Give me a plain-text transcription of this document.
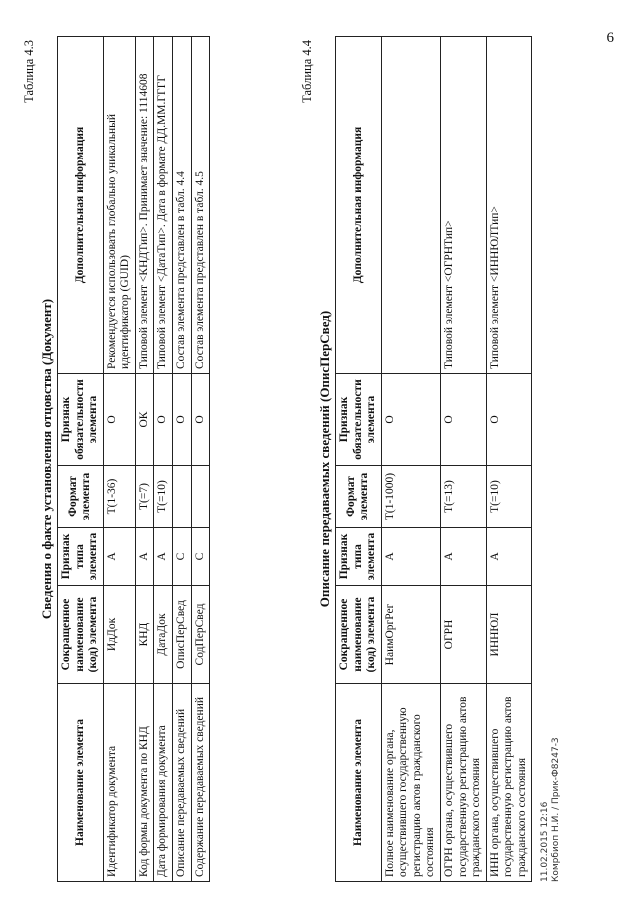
6

Таблица 4.3

Сведения о факте установления отцовства (Документ)

Наименование элемента	Сокращенное наименование (код) элемента	Признак типа элемента	Формат элемента	Признак обязательности элемента	Дополнительная информация
Идентификатор документа	ИдДок	А	T(1-36)	О	Рекомендуется использовать глобально уникальный идентификатор (GUID)
Код формы документа по КНД	КНД	А	T(=7)	ОК	Типовой элемент <КНДТип>. Принимает значение: 1114608
Дата формирования документа	ДатаДок	А	T(=10)	О	Типовой элемент <ДатаТип>. Дата в формате ДД.ММ.ГГГГ
Описание передаваемых сведений	ОписПерСвед	С		О	Состав элемента представлен в табл. 4.4
Содержание передаваемых сведений	СодПерСвед	С		О	Состав элемента представлен в табл. 4.5

Таблица 4.4

Описание передаваемых сведений (ОписПерСвед)

Наименование элемента	Сокращенное наименование (код) элемента	Признак типа элемента	Формат элемента	Признак обязательности элемента	Дополнительная информация
Полное наименование органа, осуществившего государственную регистрацию актов гражданского состояния	НаимОргРег	А	T(1-1000)	О	
ОГРН органа, осуществившего государственную регистрацию актов гражданского состояния	ОГРН	А	T(=13)	О	Типовой элемент <ОГРНТип>
ИНН органа, осуществившего государственную регистрацию актов гражданского состояния	ИННЮЛ	А	T(=10)	О	Типовой элемент <ИННЮЛТип>
11.02.2015 12:16 Комрбиоп Н.И. / Прик-Ф8247-3
